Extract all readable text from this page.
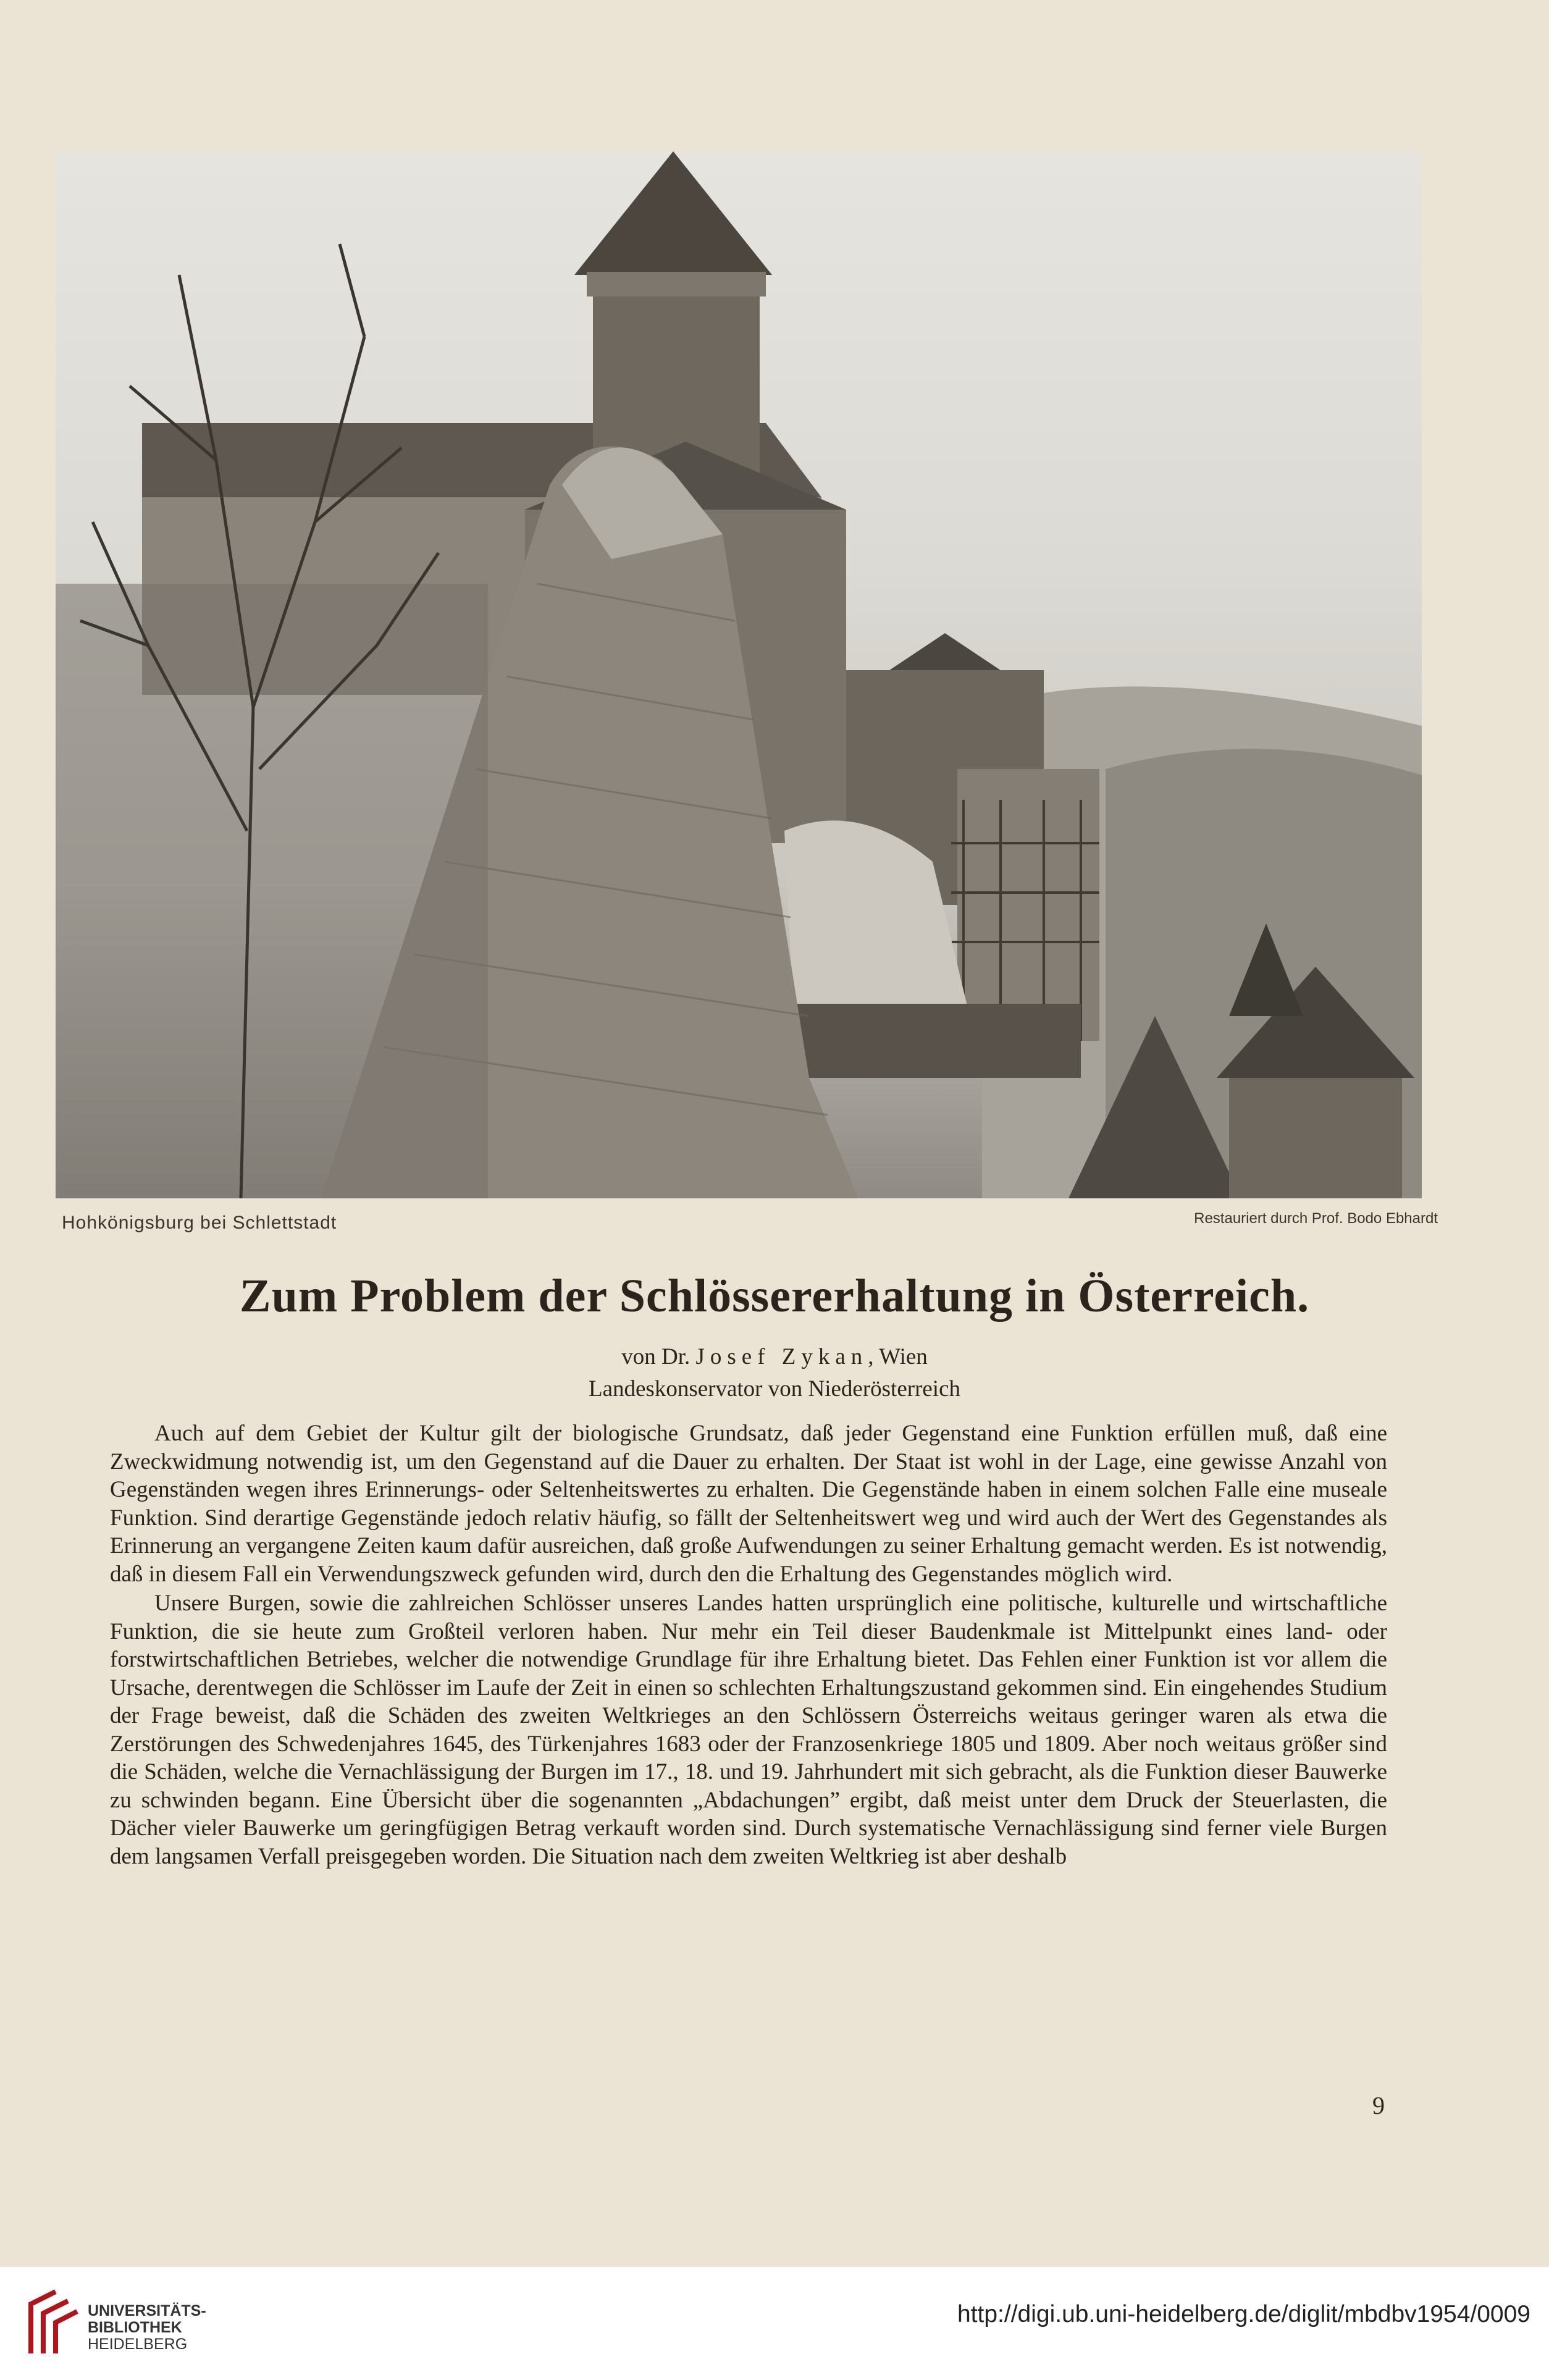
Hohkönigsburg bei Schlettstadt	Restauriert durch Prof. Bodo Ebhardt
Zum Problem der Schlössererhaltung in Österreich.
von Dr. Josef Zykan, Wien
Landeskonservator von Niederösterreich

Auch auf dem Gebiet der Kultur gilt der biologische Grundsatz, daß jeder Gegenstand eine Funktion erfüllen muß, daß eine Zweckwidmung notwendig ist, um den Gegenstand auf die Dauer zu erhalten. Der Staat ist wohl in der Lage, eine gewisse Anzahl von Gegenständen wegen ihres Erinnerungs- oder Seltenheitswertes zu erhalten. Die Gegenstände haben in einem solchen Falle eine museale Funktion. Sind derartige Gegenstände jedoch relativ häufig, so fällt der Seltenheitswert weg und wird auch der Wert des Gegenstandes als Erinnerung an vergangene Zeiten kaum dafür ausreichen, daß große Aufwendungen zu seiner Erhaltung gemacht werden. Es ist notwendig, daß in diesem Fall ein Verwendungszweck gefunden wird, durch den die Erhaltung des Gegenstandes möglich wird.

Unsere Burgen, sowie die zahlreichen Schlösser unseres Landes hatten ursprünglich eine politische, kulturelle und wirtschaftliche Funktion, die sie heute zum Großteil verloren haben. Nur mehr ein Teil dieser Baudenkmale ist Mittelpunkt eines land- oder forstwirtschaftlichen Betriebes, welcher die notwendige Grundlage für ihre Erhaltung bietet. Das Fehlen einer Funktion ist vor allem die Ursache, derentwegen die Schlösser im Laufe der Zeit in einen so schlechten Erhaltungszustand gekommen sind. Ein eingehendes Studium der Frage beweist, daß die Schäden des zweiten Weltkrieges an den Schlössern Österreichs weitaus geringer waren als etwa die Zerstörungen des Schwedenjahres 1645, des Türkenjahres 1683 oder der Franzosenkriege 1805 und 1809. Aber noch weitaus größer sind die Schäden, welche die Vernachlässigung der Burgen im 17., 18. und 19. Jahrhundert mit sich gebracht, als die Funktion dieser Bauwerke zu schwinden begann. Eine Übersicht über die sogenannten „Abdachungen” ergibt, daß meist unter dem Druck der Steuerlasten, die Dächer vieler Bauwerke um geringfügigen Betrag verkauft worden sind. Durch systematische Vernachlässigung sind ferner viele Burgen dem langsamen Verfall preisgegeben worden. Die Situation nach dem zweiten Weltkrieg ist aber deshalb

9
UNIVERSITÄTS-
BIBLIOTHEK
HEIDELBERG
http://digi.ub.uni-heidelberg.de/diglit/mbdbv1954/0009
